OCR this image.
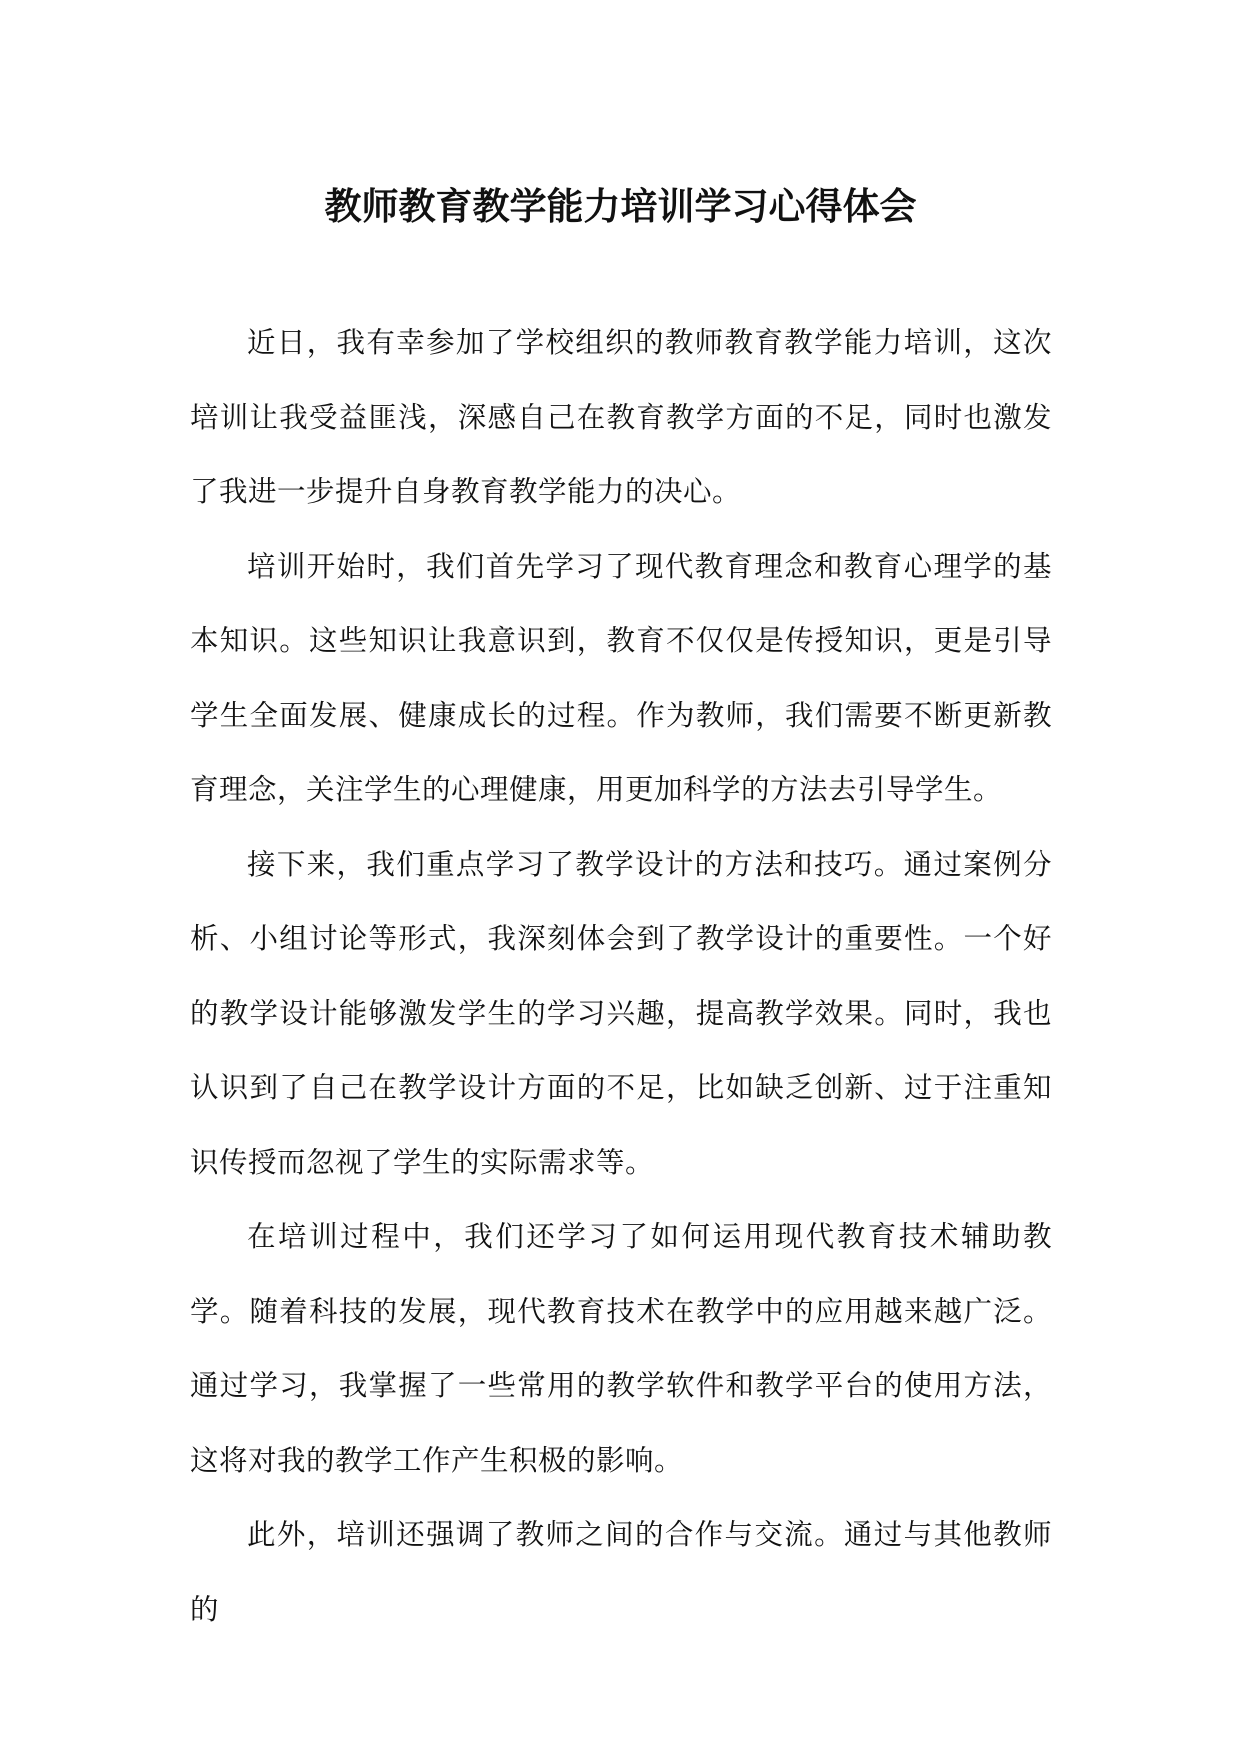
教师教育教学能力培训学习心得体会

近日，我有幸参加了学校组织的教师教育教学能力培训，这次培训让我受益匪浅，深感自己在教育教学方面的不足，同时也激发了我进一步提升自身教育教学能力的决心。

培训开始时，我们首先学习了现代教育理念和教育心理学的基本知识。这些知识让我意识到，教育不仅仅是传授知识，更是引导学生全面发展、健康成长的过程。作为教师，我们需要不断更新教育理念，关注学生的心理健康，用更加科学的方法去引导学生。

接下来，我们重点学习了教学设计的方法和技巧。通过案例分析、小组讨论等形式，我深刻体会到了教学设计的重要性。一个好的教学设计能够激发学生的学习兴趣，提高教学效果。同时，我也认识到了自己在教学设计方面的不足，比如缺乏创新、过于注重知识传授而忽视了学生的实际需求等。

在培训过程中，我们还学习了如何运用现代教育技术辅助教学。随着科技的发展，现代教育技术在教学中的应用越来越广泛。通过学习，我掌握了一些常用的教学软件和教学平台的使用方法，这将对我的教学工作产生积极的影响。

此外，培训还强调了教师之间的合作与交流。通过与其他教师的
